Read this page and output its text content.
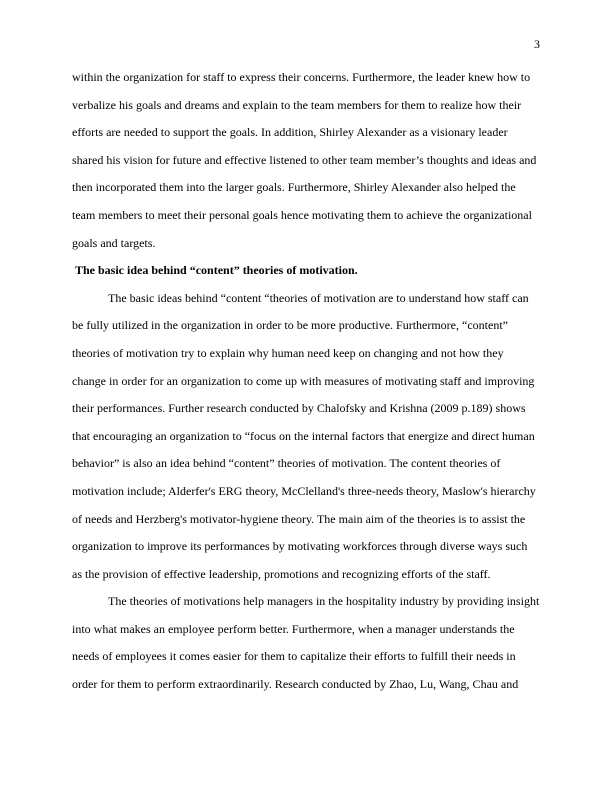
3
within the organization for staff to express their concerns. Furthermore, the leader knew how to
verbalize his goals and dreams and explain to the team members for them to realize how their
efforts are needed to support the goals. In addition, Shirley Alexander as a visionary leader
shared his vision for future and effective listened to other team member’s thoughts and ideas and
then incorporated them into the larger goals. Furthermore, Shirley Alexander also helped the
team members to meet their personal goals hence motivating them to achieve the organizational
goals and targets.
The basic idea behind “content” theories of motivation.
The basic ideas behind “content “theories of motivation are to understand how staff can
be fully utilized in the organization in order to be more productive. Furthermore, “content”
theories of motivation try to explain why human need keep on changing and not how they
change in order for an organization to come up with measures of motivating staff and improving
their performances. Further research conducted by Chalofsky and Krishna (2009 p.189) shows
that encouraging an organization to “focus on the internal factors that energize and direct human
behavior” is also an idea behind “content” theories of motivation. The content theories of
motivation include; Alderfer's ERG theory, McClelland's three-needs theory, Maslow's hierarchy
of needs and Herzberg's motivator-hygiene theory. The main aim of the theories is to assist the
organization to improve its performances by motivating workforces through diverse ways such
as the provision of effective leadership, promotions and recognizing efforts of the staff.
The theories of motivations help managers in the hospitality industry by providing insight
into what makes an employee perform better. Furthermore, when a manager understands the
needs of employees it comes easier for them to capitalize their efforts to fulfill their needs in
order for them to perform extraordinarily. Research conducted by Zhao, Lu, Wang, Chau and
